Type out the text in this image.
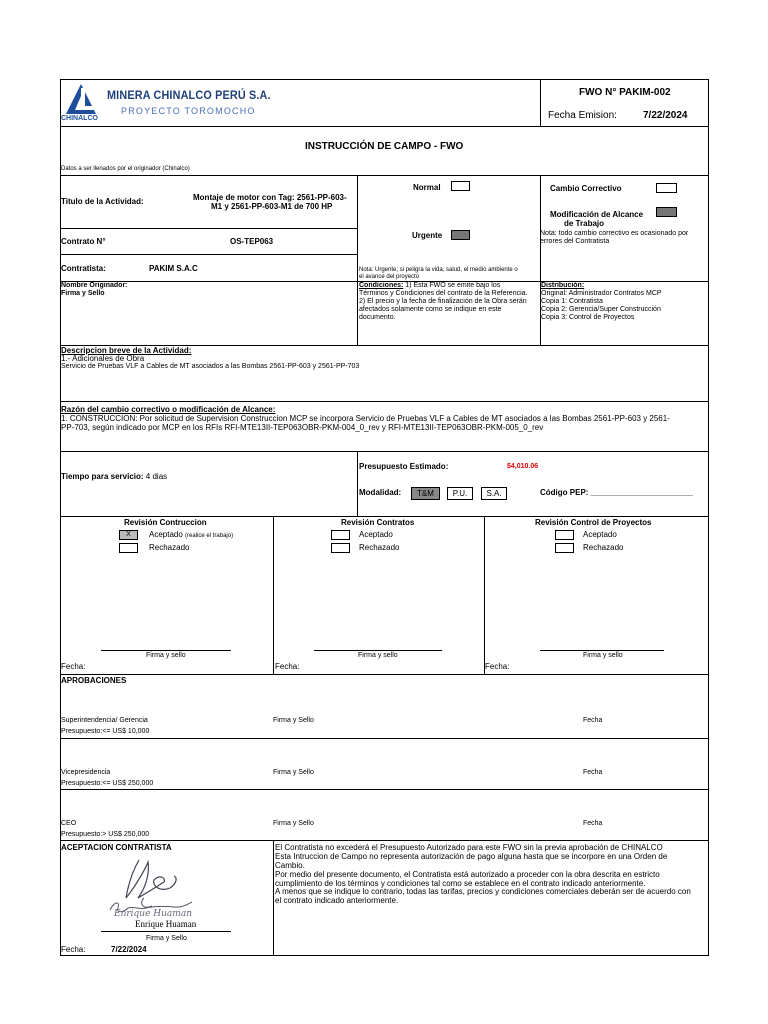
CHINALCO
MINERA CHINALCO PERÚ S.A.
PROYECTO TOROMOCHO
FWO N° PAKIM-002
Fecha Emision:	7/22/2024
INSTRUCCIÓN DE CAMPO - FWO
Datos a ser llenados por el originador (Chinalco)
Titulo de la Actividad:	Montaje de motor con Tag: 2561-PP-603-
M1 y 2561-PP-603-M1 de 700 HP
Contrato N°	OS-TEP063
Contratista:	PAKIM S.A.C
Normal
Urgente
Nota: Urgente; si peligra la vida, salud, el medio ambiente o
el avance del proyecto
Cambio Correctivo
Modificación de Alcance
de Trabajo
Nota: todo cambio correctivo es ocasionado por
errores del Contratista
Nombre Originador:
Firma y Sello
Condiciones: 1) Esta FWO se emite bajo los
Términos y Condiciones del contrato de la Referencia.
2) El precio y la fecha de finalización de la Obra serán
afectados solamente como se indique en este
documento.
Distribución:
Original: Administrador Contratos MCP
Copia 1: Contratista
Copia 2: Gerencia/Super Construcción
Copia 3: Control de Proyectos
Descripcion breve de la Actividad:
1.- Adicionales de Obra
Servicio de Pruebas VLF a Cables de MT asociados a las Bombas 2561-PP-603 y 2561-PP-703
Razón del cambio correctivo o modificación de Alcance:
1. CONSTRUCCION: Por solicitud de Supervision Construccion MCP se incorpora Servicio de Pruebas VLF a Cables de MT asociados a las Bombas 2561-PP-603 y 2561-
PP-703, según indicado por MCP en los RFIs RFI-MTE13II-TEP063OBR-PKM-004_0_rev y RFI-MTE13II-TEP063OBR-PKM-005_0_rev
Tiempo para servicio: 4 dias
Presupuesto Estimado:	$4,010.06
Modalidad:	T&M	P.U.	S.A.	Código PEP: _______________________
Revisión Contruccion
X	Aceptado (realice el trabajo)
Rechazado
Firma y sello
Fecha:
Revisión Contratos
Aceptado
Rechazado
Firma y sello
Fecha:
Revisión Control de Proyectos
Aceptado
Rechazado
Firma y sello
Fecha:
APROBACIONES
Superintendencia/ Gerencia	Firma y Sello	Fecha
Presupuesto:<= US$ 10,000
Vicepresidencia	Firma y Sello	Fecha
Presupuesto:<= US$ 250,000
CEO	Firma y Sello	Fecha
Presupuesto:> US$ 250,000
ACEPTACION CONTRATISTA
Enrique Huaman
Enrique Huaman
Firma y Sello
Fecha:	7/22/2024
El Contratista no excederá el Presupuesto Autorizado para este FWO sin la previa aprobación de CHINALCO
Esta Intruccion de Campo no representa autorización de pago alguna hasta que se incorpore en una Orden de
Cambio.
Por medio del presente documento, el Contratista está autorizado a proceder con la obra descrita en estricto
cumplimiento de los términos y condiciones tal como se establece en el contrato indicado anteriormente.
A menos que se indique lo contrario, todas las tarifas, precios y condiciones comerciales deberán ser de acuerdo con
el contrato indicado anteriormente.
